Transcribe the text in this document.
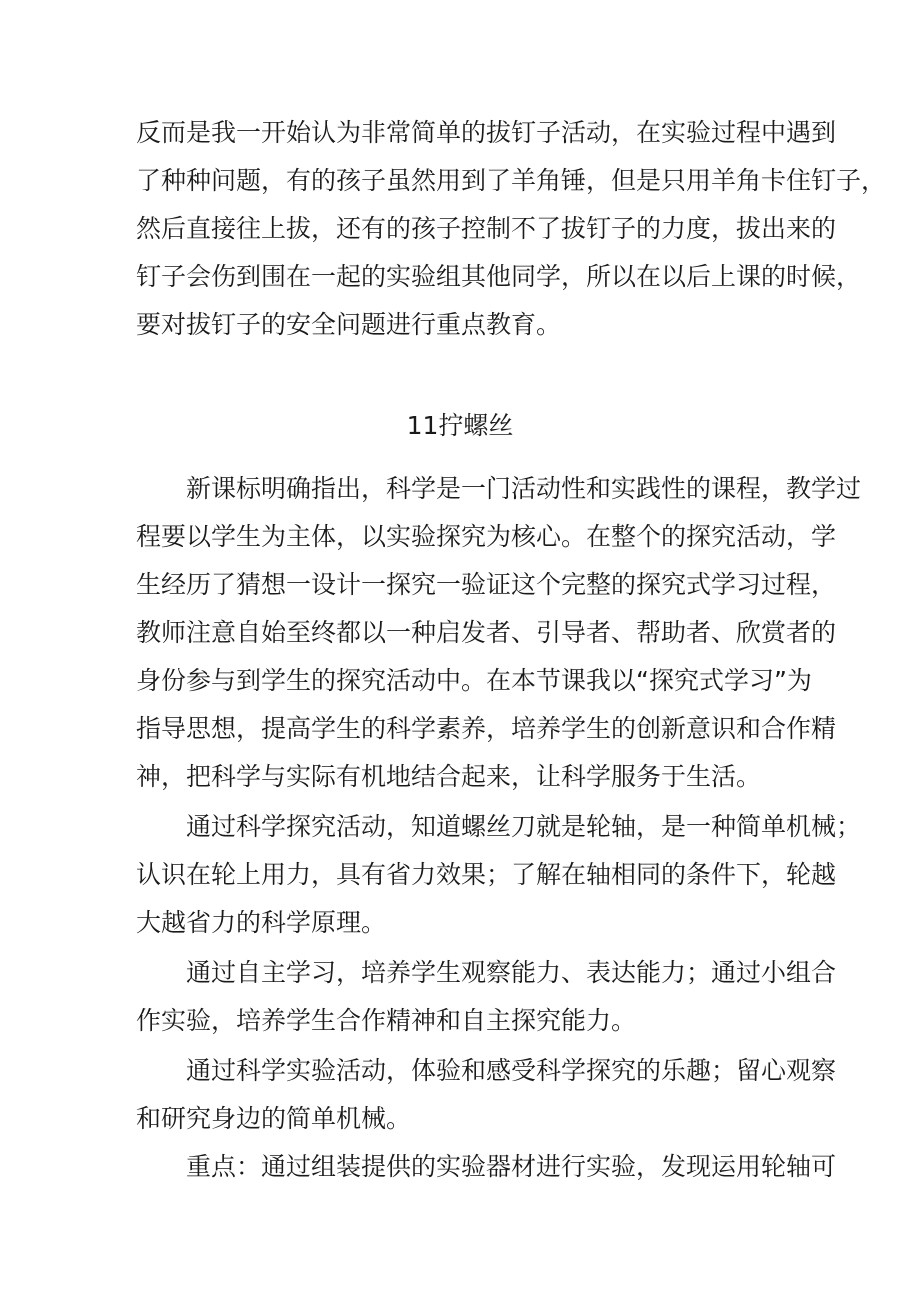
反而是我一开始认为非常简单的拔钉子活动，在实验过程中遇到
了种种问题，有的孩子虽然用到了羊角锤，但是只用羊角卡住钉子，
然后直接往上拔，还有的孩子控制不了拔钉子的力度，拔出来的
钉子会伤到围在一起的实验组其他同学，所以在以后上课的时候，
要对拔钉子的安全问题进行重点教育。
11拧螺丝
新课标明确指出，科学是一门活动性和实践性的课程，教学过
程要以学生为主体，以实验探究为核心。在整个的探究活动，学
生经历了猜想一设计一探究一验证这个完整的探究式学习过程，
教师注意自始至终都以一种启发者、引导者、帮助者、欣赏者的
身份参与到学生的探究活动中。在本节课我以“探究式学习”为
指导思想，提高学生的科学素养，培养学生的创新意识和合作精
神，把科学与实际有机地结合起来，让科学服务于生活。
通过科学探究活动，知道螺丝刀就是轮轴，是一种简单机械；
认识在轮上用力，具有省力效果；了解在轴相同的条件下，轮越
大越省力的科学原理。
通过自主学习，培养学生观察能力、表达能力；通过小组合
作实验，培养学生合作精神和自主探究能力。
通过科学实验活动，体验和感受科学探究的乐趣；留心观察
和研究身边的简单机械。
重点：通过组装提供的实验器材进行实验，发现运用轮轴可
